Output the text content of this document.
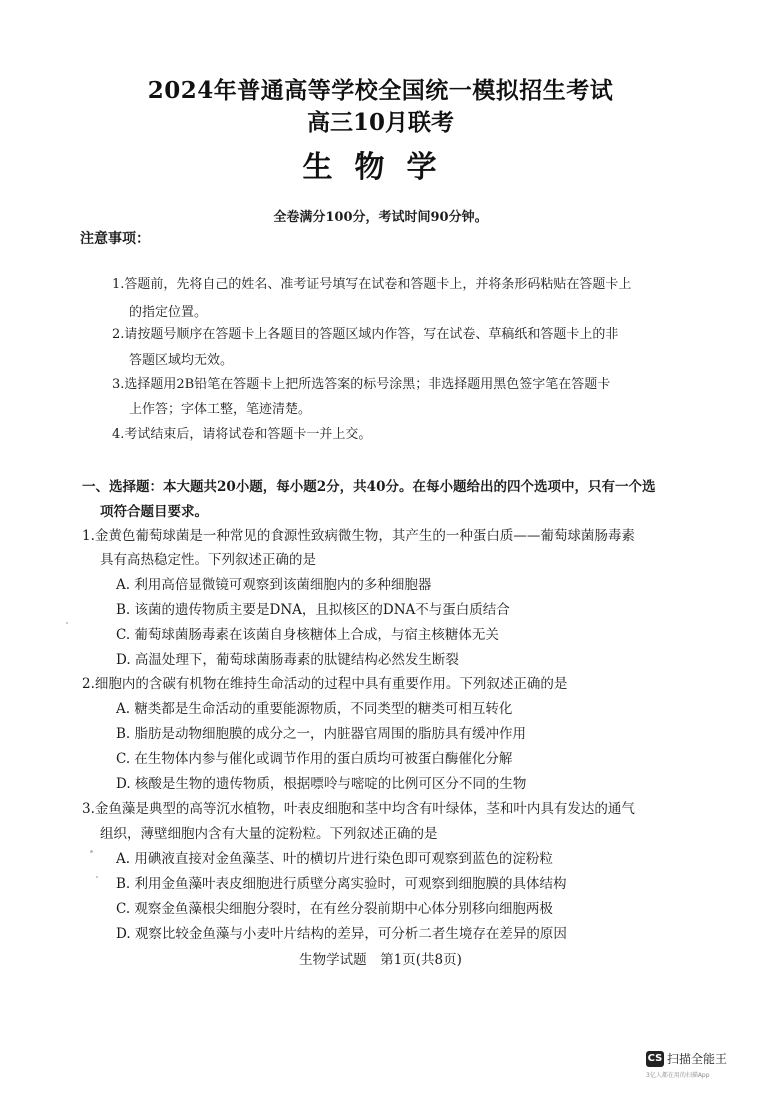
2024年普通高等学校全国统一模拟招生考试
高三10月联考
生物学
全卷满分100分，考试时间90分钟。
注意事项：
1.答题前，先将自己的姓名、准考证号填写在试卷和答题卡上，并将条形码粘贴在答题卡上
的指定位置。
2.请按题号顺序在答题卡上各题目的答题区域内作答，写在试卷、草稿纸和答题卡上的非
答题区域均无效。
3.选择题用2B铅笔在答题卡上把所选答案的标号涂黑；非选择题用黑色签字笔在答题卡
上作答；字体工整，笔迹清楚。
4.考试结束后，请将试卷和答题卡一并上交。
一、选择题：本大题共20小题，每小题2分，共40分。在每小题给出的四个选项中，只有一个选
项符合题目要求。
1.金黄色葡萄球菌是一种常见的食源性致病微生物，其产生的一种蛋白质——葡萄球菌肠毒素
具有高热稳定性。下列叙述正确的是
A. 利用高倍显微镜可观察到该菌细胞内的多种细胞器
B. 该菌的遗传物质主要是DNA，且拟核区的DNA不与蛋白质结合
C. 葡萄球菌肠毒素在该菌自身核糖体上合成，与宿主核糖体无关
D. 高温处理下，葡萄球菌肠毒素的肽键结构必然发生断裂
2.细胞内的含碳有机物在维持生命活动的过程中具有重要作用。下列叙述正确的是
A. 糖类都是生命活动的重要能源物质，不同类型的糖类可相互转化
B. 脂肪是动物细胞膜的成分之一，内脏器官周围的脂肪具有缓冲作用
C. 在生物体内参与催化或调节作用的蛋白质均可被蛋白酶催化分解
D. 核酸是生物的遗传物质，根据嘌呤与嘧啶的比例可区分不同的生物
3.金鱼藻是典型的高等沉水植物，叶表皮细胞和茎中均含有叶绿体，茎和叶内具有发达的通气
组织，薄壁细胞内含有大量的淀粉粒。下列叙述正确的是
A. 用碘液直接对金鱼藻茎、叶的横切片进行染色即可观察到蓝色的淀粉粒
B. 利用金鱼藻叶表皮细胞进行质壁分离实验时，可观察到细胞膜的具体结构
C. 观察金鱼藻根尖细胞分裂时，在有丝分裂前期中心体分别移向细胞两极
D. 观察比较金鱼藻与小麦叶片结构的差异，可分析二者生境存在差异的原因
生物学试题　第1页(共8页)
CS 扫描全能王
3亿人都在用的扫描App
